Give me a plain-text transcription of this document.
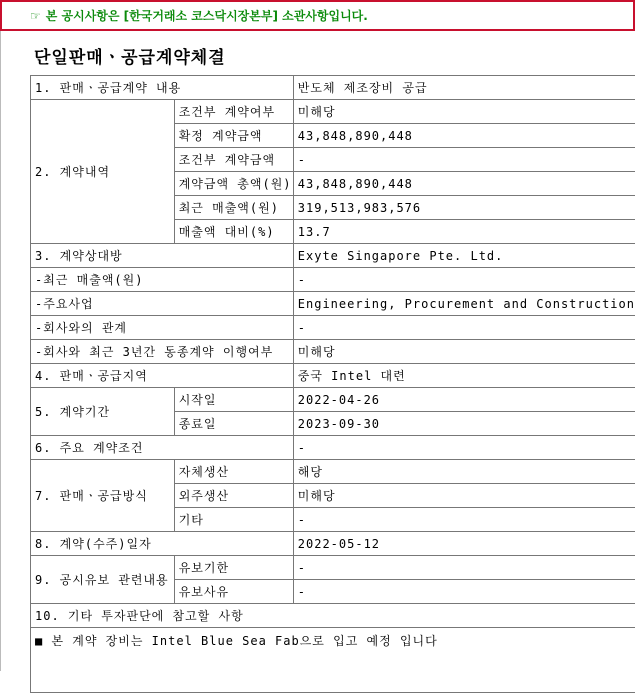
☞ 본 공시사항은 [한국거래소 코스닥시장본부] 소관사항입니다.
단일판매ㆍ공급계약체결
1. 판매ㆍ공급계약 내용		반도체 제조장비 공급
2. 계약내역	조건부 계약여부	미해당
	확정 계약금액	43,848,890,448
	조건부 계약금액	-
	계약금액 총액(원)	43,848,890,448
	최근 매출액(원)	319,513,983,576
	매출액 대비(%)	13.7
3. 계약상대방		Exyte Singapore Pte. Ltd.
-최근 매출액(원)		-
-주요사업		Engineering, Procurement and Construction
-회사와의 관계		-
-회사와 최근 3년간 동종계약 이행여부		미해당
4. 판매ㆍ공급지역		중국 Intel 대련
5. 계약기간	시작일	2022-04-26
	종료일	2023-09-30
6. 주요 계약조건		-
7. 판매ㆍ공급방식	자체생산	해당
	외주생산	미해당
	기타	-
8. 계약(수주)일자		2022-05-12
9. 공시유보 관련내용	유보기한	-
	유보사유	-
10. 기타 투자판단에 참고할 사항		
■ 본 계약 장비는 Intel Blue Sea Fab으로 입고 예정 입니다		
